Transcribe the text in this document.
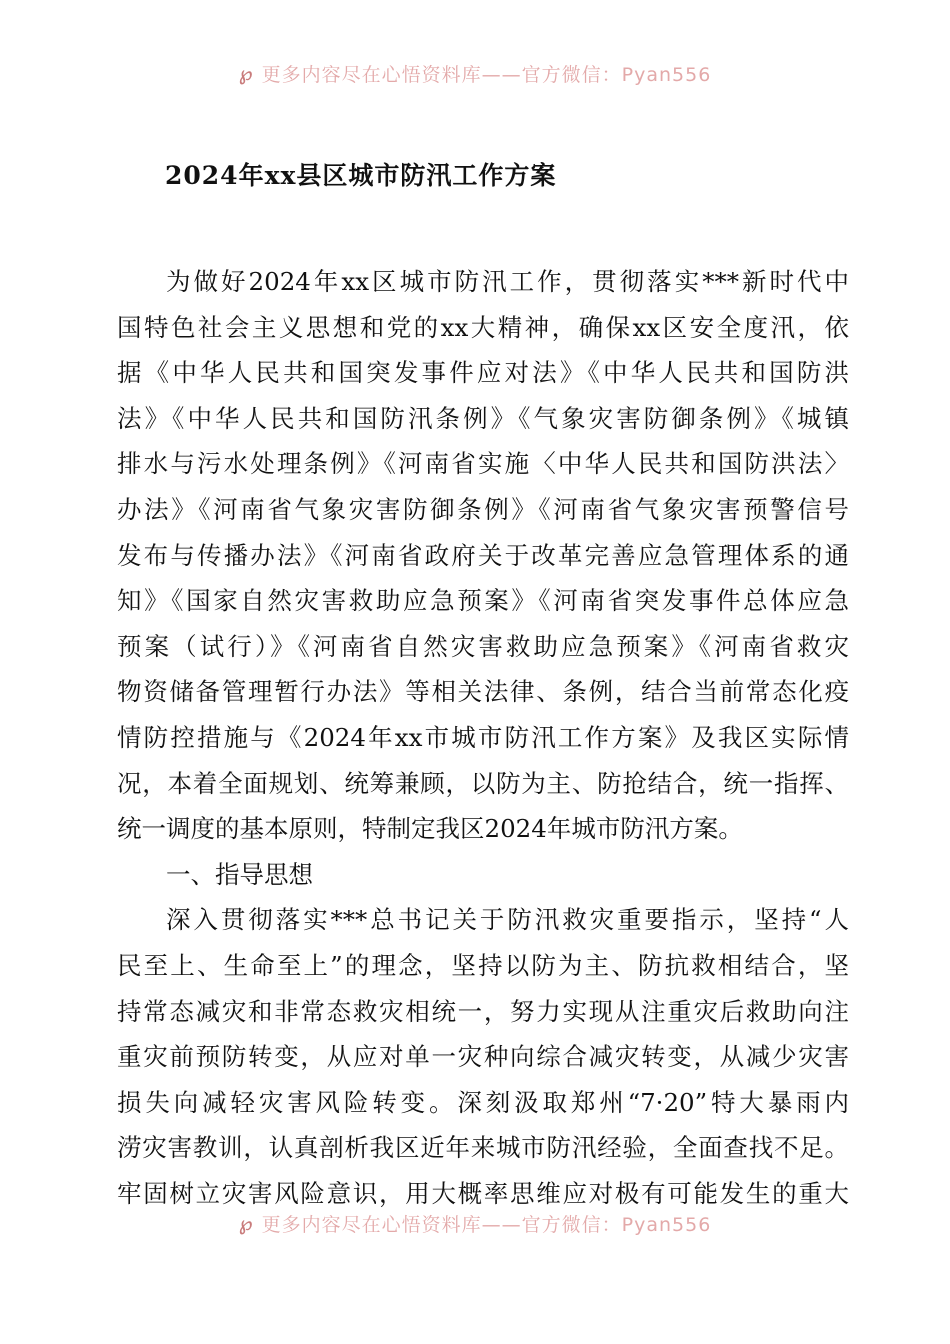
℘ 更多内容尽在心悟资料库——官方微信：Pyan556
2024年xx县区城市防汛工作方案
为做好2024年xx区城市防汛工作，贯彻落实***新时代中
国特色社会主义思想和党的xx大精神，确保xx区安全度汛，依
据《中华人民共和国突发事件应对法》《中华人民共和国防洪
法》《中华人民共和国防汛条例》《气象灾害防御条例》《城镇
排水与污水处理条例》《河南省实施〈中华人民共和国防洪法〉
办法》《河南省气象灾害防御条例》《河南省气象灾害预警信号
发布与传播办法》《河南省政府关于改革完善应急管理体系的通
知》《国家自然灾害救助应急预案》《河南省突发事件总体应急
预案（试行）》《河南省自然灾害救助应急预案》《河南省救灾
物资储备管理暂行办法》等相关法律、条例，结合当前常态化疫
情防控措施与《2024年xx市城市防汛工作方案》及我区实际情
况，本着全面规划、统筹兼顾，以防为主、防抢结合，统一指挥、
统一调度的基本原则，特制定我区2024年城市防汛方案。
一、指导思想
深入贯彻落实***总书记关于防汛救灾重要指示，坚持“人
民至上、生命至上”的理念，坚持以防为主、防抗救相结合，坚
持常态减灾和非常态救灾相统一，努力实现从注重灾后救助向注
重灾前预防转变，从应对单一灾种向综合减灾转变，从减少灾害
损失向减轻灾害风险转变。深刻汲取郑州“7·20”特大暴雨内
涝灾害教训，认真剖析我区近年来城市防汛经验，全面查找不足。
牢固树立灾害风险意识，用大概率思维应对极有可能发生的重大
℘ 更多内容尽在心悟资料库——官方微信：Pyan556
